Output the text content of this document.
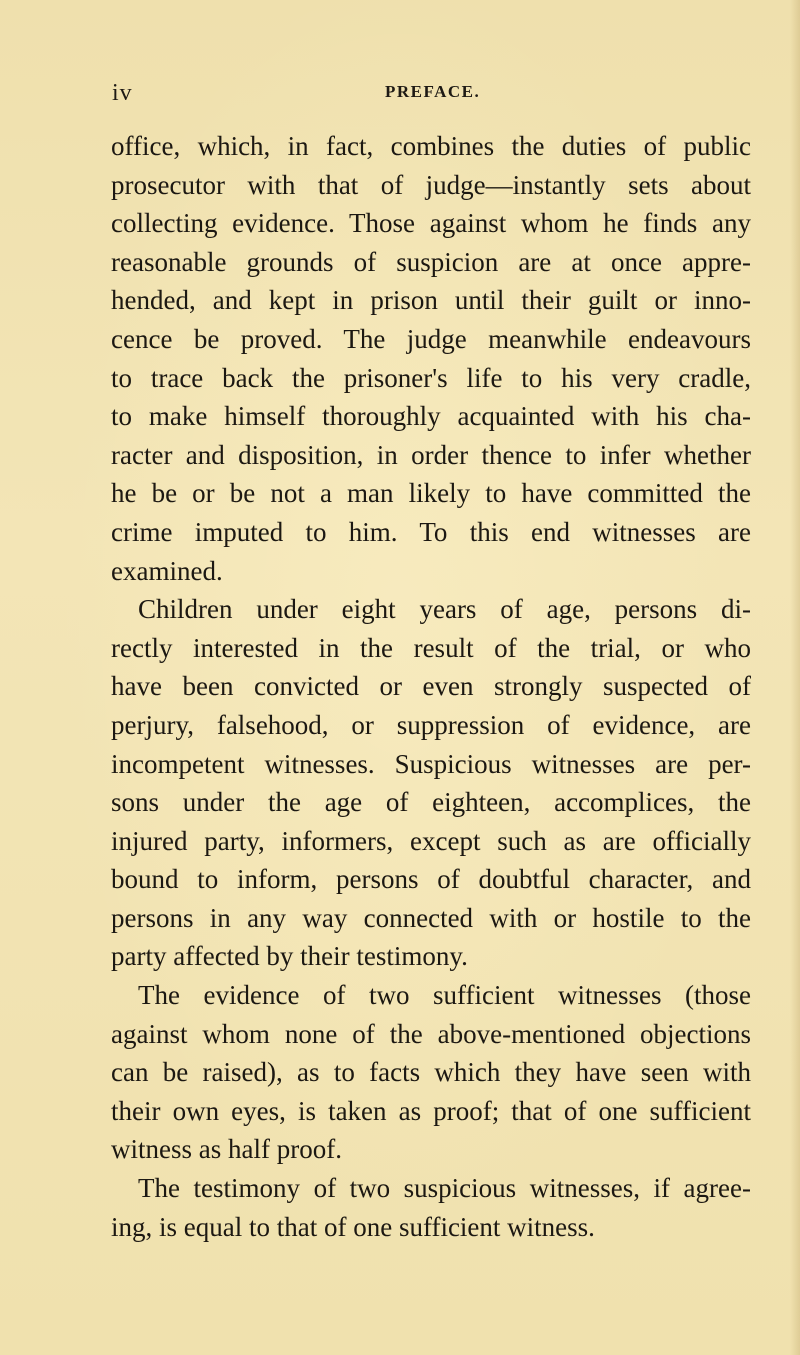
iv	PREFACE.
office, which, in fact, combines the duties of public
prosecutor with that of judge—instantly sets about
collecting evidence. Those against whom he finds any
reasonable grounds of suspicion are at once appre-
hended, and kept in prison until their guilt or inno-
cence be proved. The judge meanwhile endeavours
to trace back the prisoner's life to his very cradle,
to make himself thoroughly acquainted with his cha-
racter and disposition, in order thence to infer whether
he be or be not a man likely to have committed the
crime imputed to him. To this end witnesses are
examined.
Children under eight years of age, persons di-
rectly interested in the result of the trial, or who
have been convicted or even strongly suspected of
perjury, falsehood, or suppression of evidence, are
incompetent witnesses. Suspicious witnesses are per-
sons under the age of eighteen, accomplices, the
injured party, informers, except such as are officially
bound to inform, persons of doubtful character, and
persons in any way connected with or hostile to the
party affected by their testimony.
The evidence of two sufficient witnesses (those
against whom none of the above-mentioned objections
can be raised), as to facts which they have seen with
their own eyes, is taken as proof; that of one sufficient
witness as half proof.
The testimony of two suspicious witnesses, if agree-
ing, is equal to that of one sufficient witness.
